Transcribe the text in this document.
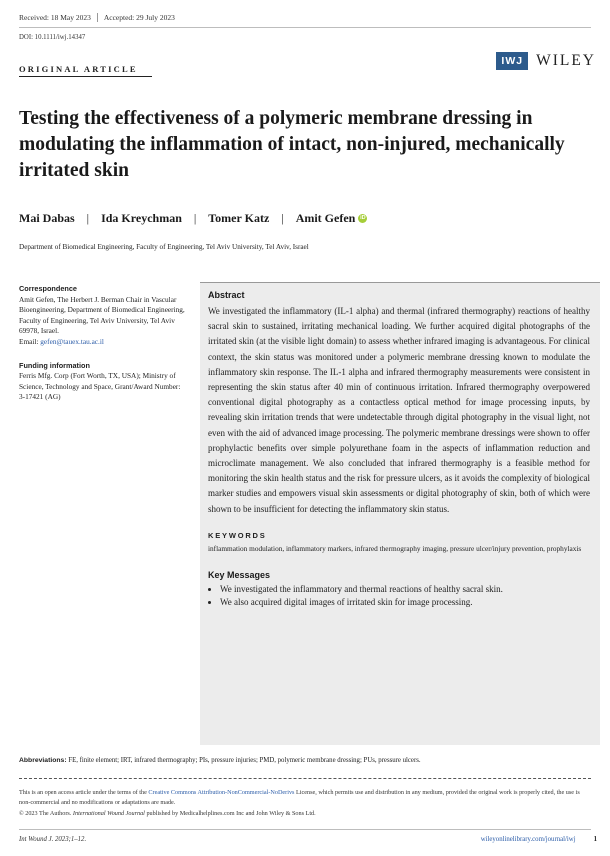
Received: 18 May 2023 Accepted: 29 July 2023
DOI: 10.1111/iwj.14347
ORIGINAL ARTICLE
IWJ WILEY
Testing the effectiveness of a polymeric membrane dressing in modulating the inflammation of intact, non-injured, mechanically irritated skin
Mai Dabas | Ida Kreychman | Tomer Katz | Amit Gefen iD
Department of Biomedical Engineering, Faculty of Engineering, Tel Aviv University, Tel Aviv, Israel
Correspondence
Amit Gefen, The Herbert J. Berman Chair in Vascular Bioengineering, Department of Biomedical Engineering, Faculty of Engineering, Tel Aviv University, Tel Aviv 69978, Israel.
Email: gefen@tauex.tau.ac.il
Funding information
Ferris Mfg. Corp (Fort Worth, TX, USA); Ministry of Science, Technology and Space, Grant/Award Number: 3-17421 (AG)
Abstract

We investigated the inflammatory (IL-1 alpha) and thermal (infrared thermography) reactions of healthy sacral skin to sustained, irritating mechanical loading. We further acquired digital photographs of the irritated skin (at the visible light domain) to assess whether infrared imaging is advantageous. For clinical context, the skin status was monitored under a polymeric membrane dressing known to modulate the inflammatory skin response. The IL-1 alpha and infrared thermography measurements were consistent in representing the skin status after 40 min of continuous irritation. Infrared thermography overpowered conventional digital photography as a contactless optical method for image processing inputs, by revealing skin irritation trends that were undetectable through digital photography in the visual light, not even with the aid of advanced image processing. The polymeric membrane dressings were shown to offer prophylactic benefits over simple polyurethane foam in the aspects of inflammation reduction and microclimate management. We also concluded that infrared thermography is a feasible method for monitoring the skin health status and the risk for pressure ulcers, as it avoids the complexity of biological marker studies and empowers visual skin assessments or digital photography of skin, both of which were shown to be insufficient for detecting the inflammatory skin status.

KEYWORDS
inflammation modulation, inflammatory markers, infrared thermography imaging, pressure ulcer/injury prevention, prophylaxis
Key Messages
• We investigated the inflammatory and thermal reactions of healthy sacral skin.
• We also acquired digital images of irritated skin for image processing.
Abbreviations: FE, finite element; IRT, infrared thermography; PIs, pressure injuries; PMD, polymeric membrane dressing; PUs, pressure ulcers.
This is an open access article under the terms of the Creative Commons Attribution-NonCommercial-NoDerivs License, which permits use and distribution in any medium, provided the original work is properly cited, the use is non-commercial and no modifications or adaptations are made.
© 2023 The Authors. International Wound Journal published by Medicalhelplines.com Inc and John Wiley & Sons Ltd.
Int Wound J. 2023;1–12.	wileyonlinelibrary.com/journal/iwj	1
